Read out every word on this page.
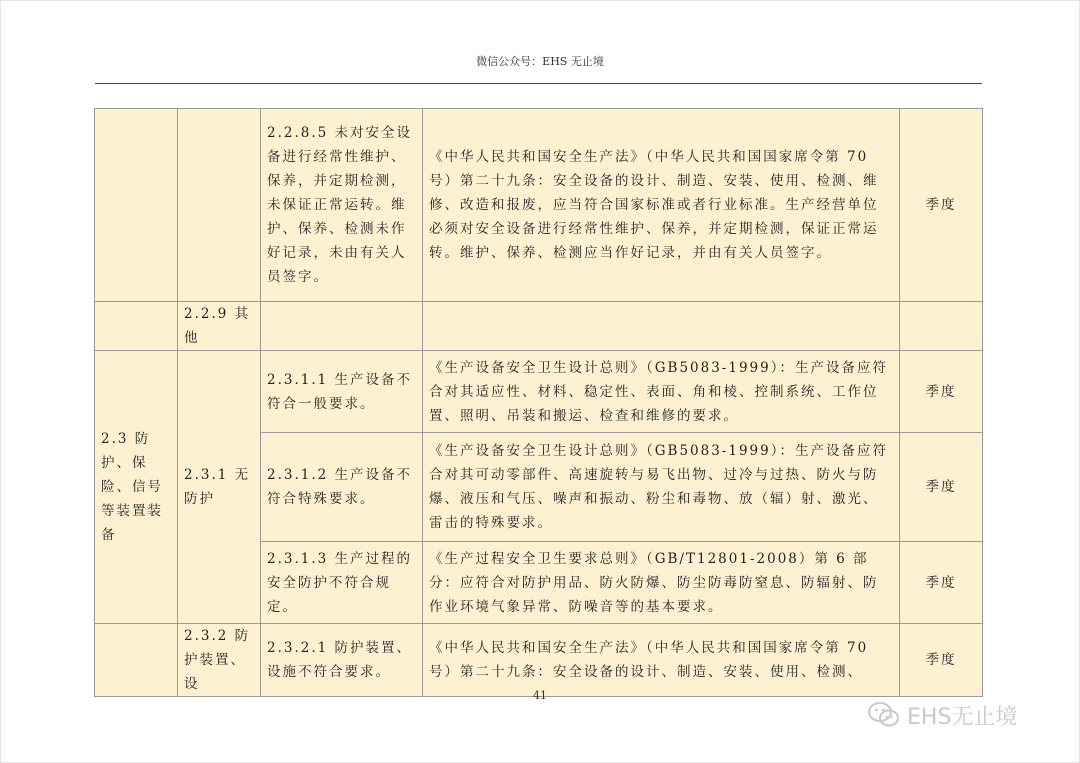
微信公众号：EHS 无止境
		2.2.8.5 未对安全设备进行经常性维护、保养，并定期检测，未保证正常运转。维护、保养、检测未作好记录，未由有关人员签字。	《中华人民共和国安全生产法》（中华人民共和国国家席令第 70 号）第二十九条：安全设备的设计、制造、安装、使用、检测、维修、改造和报废，应当符合国家标准或者行业标准。生产经营单位必须对安全设备进行经常性维护、保养，并定期检测，保证正常运转。维护、保养、检测应当作好记录，并由有关人员签字。	季度
	2.2.9 其他			
2.3 防护、保险、信号等装置装备	2.3.1 无防护	2.3.1.1 生产设备不符合一般要求。	《生产设备安全卫生设计总则》（GB5083-1999）：生产设备应符合对其适应性、材料、稳定性、表面、角和棱、控制系统、工作位置、照明、吊装和搬运、检查和维修的要求。	季度
		2.3.1.2 生产设备不符合特殊要求。	《生产设备安全卫生设计总则》（GB5083-1999）：生产设备应符合对其可动零部件、高速旋转与易飞出物、过冷与过热、防火与防爆、液压和气压、噪声和振动、粉尘和毒物、放（辐）射、激光、雷击的特殊要求。	季度
		2.3.1.3 生产过程的安全防护不符合规定。	《生产过程安全卫生要求总则》（GB/T12801-2008）第 6 部分：应符合对防护用品、防火防爆、防尘防毒防窒息、防辐射、防作业环境气象异常、防噪音等的基本要求。	季度
	2.3.2 防护装置、设	2.3.2.1 防护装置、设施不符合要求。	《中华人民共和国安全生产法》（中华人民共和国国家席令第 70 号）第二十九条：安全设备的设计、制造、安装、使用、检测、	季度
41
EHS无止境
